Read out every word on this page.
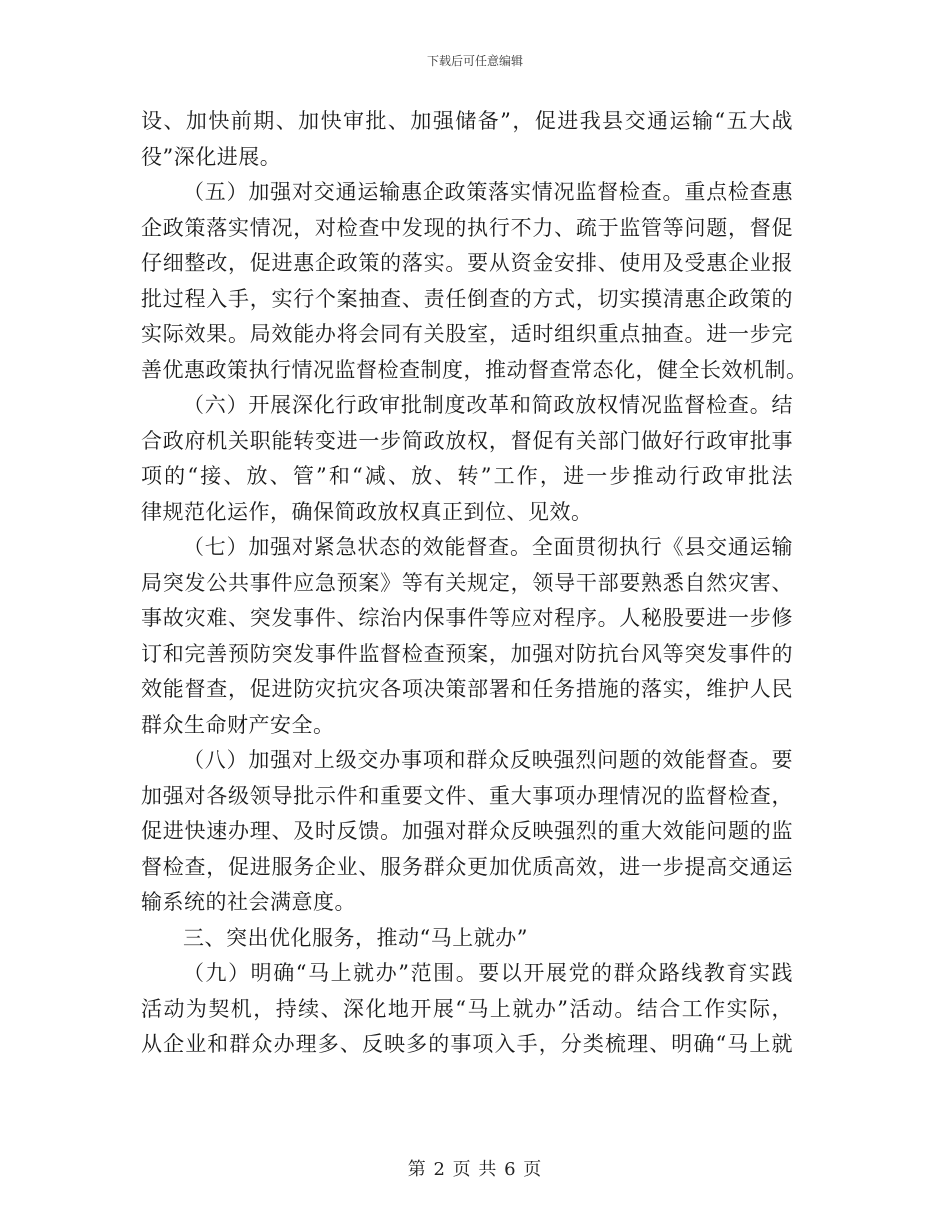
下载后可任意编辑
设、加快前期、加快审批、加强储备”，促进我县交通运输“五大战
役”深化进展。
（五）加强对交通运输惠企政策落实情况监督检查。重点检查惠
企政策落实情况，对检查中发现的执行不力、疏于监管等问题，督促
仔细整改，促进惠企政策的落实。要从资金安排、使用及受惠企业报
批过程入手，实行个案抽查、责任倒查的方式，切实摸清惠企政策的
实际效果。局效能办将会同有关股室，适时组织重点抽查。进一步完
善优惠政策执行情况监督检查制度，推动督查常态化，健全长效机制。
（六）开展深化行政审批制度改革和简政放权情况监督检查。结
合政府机关职能转变进一步简政放权，督促有关部门做好行政审批事
项的“接、放、管”和“减、放、转”工作，进一步推动行政审批法
律规范化运作，确保简政放权真正到位、见效。
（七）加强对紧急状态的效能督查。全面贯彻执行《县交通运输
局突发公共事件应急预案》等有关规定，领导干部要熟悉自然灾害、
事故灾难、突发事件、综治内保事件等应对程序。人秘股要进一步修
订和完善预防突发事件监督检查预案，加强对防抗台风等突发事件的
效能督查，促进防灾抗灾各项决策部署和任务措施的落实，维护人民
群众生命财产安全。
（八）加强对上级交办事项和群众反映强烈问题的效能督查。要
加强对各级领导批示件和重要文件、重大事项办理情况的监督检查，
促进快速办理、及时反馈。加强对群众反映强烈的重大效能问题的监
督检查，促进服务企业、服务群众更加优质高效，进一步提高交通运
输系统的社会满意度。
三、突出优化服务，推动“马上就办”
（九）明确“马上就办”范围。要以开展党的群众路线教育实践
活动为契机，持续、深化地开展“马上就办”活动。结合工作实际，
从企业和群众办理多、反映多的事项入手，分类梳理、明确“马上就
第 2 页 共 6 页
